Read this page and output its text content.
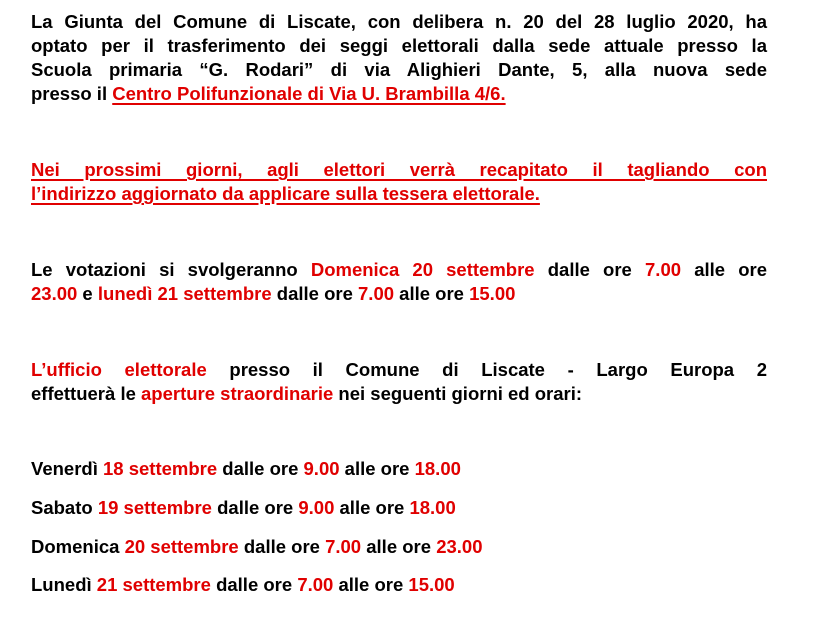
La Giunta del Comune di Liscate, con delibera n. 20 del 28 luglio 2020, ha
optato per il trasferimento dei seggi elettorali dalla sede attuale presso la
Scuola primaria “G. Rodari” di via Alighieri Dante, 5, alla nuova sede
presso il Centro Polifunzionale di Via U. Brambilla 4/6.
Nei prossimi giorni, agli elettori verrà recapitato il tagliando con
l’indirizzo aggiornato da applicare sulla tessera elettorale.
Le votazioni si svolgeranno Domenica 20 settembre dalle ore 7.00 alle ore
23.00 e lunedì 21 settembre dalle ore 7.00 alle ore 15.00
L’ufficio elettorale presso il Comune di Liscate - Largo Europa 2
effettuerà le aperture straordinarie nei seguenti giorni ed orari:
Venerdì 18 settembre dalle ore 9.00 alle ore 18.00
Sabato 19 settembre dalle ore 9.00 alle ore 18.00
Domenica 20 settembre dalle ore 7.00 alle ore 23.00
Lunedì 21 settembre dalle ore 7.00 alle ore 15.00
